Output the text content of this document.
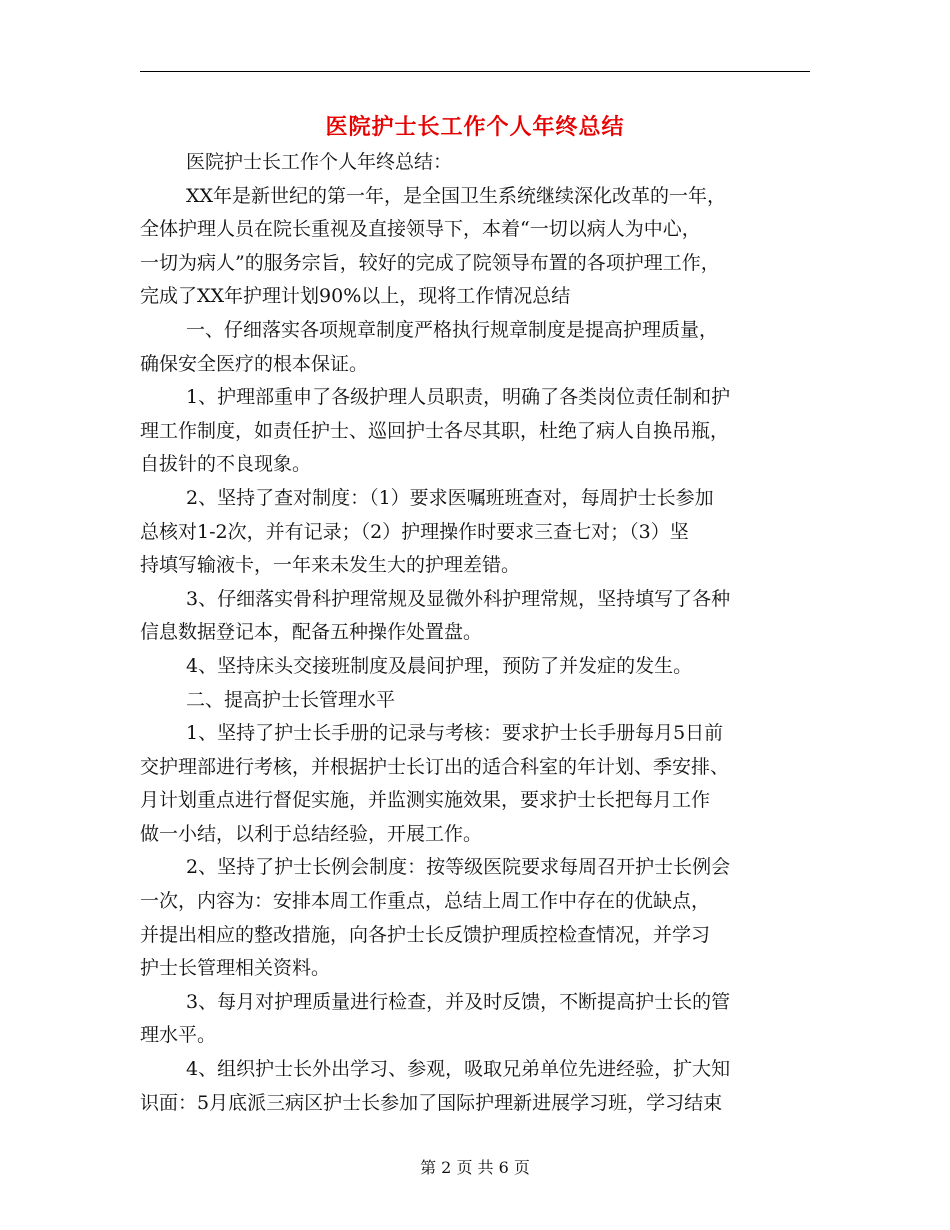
医院护士长工作个人年终总结
医院护士长工作个人年终总结：
XX年是新世纪的第一年，是全国卫生系统继续深化改革的一年，
全体护理人员在院长重视及直接领导下，本着“一切以病人为中心，
一切为病人”的服务宗旨，较好的完成了院领导布置的各项护理工作，
完成了XX年护理计划90%以上，现将工作情况总结
一、仔细落实各项规章制度严格执行规章制度是提高护理质量，
确保安全医疗的根本保证。
1、护理部重申了各级护理人员职责，明确了各类岗位责任制和护
理工作制度，如责任护士、巡回护士各尽其职，杜绝了病人自换吊瓶，
自拔针的不良现象。
2、坚持了查对制度：（1）要求医嘱班班查对，每周护士长参加
总核对1-2次，并有记录；（2）护理操作时要求三查七对；（3）坚
持填写输液卡，一年来未发生大的护理差错。
3、仔细落实骨科护理常规及显微外科护理常规，坚持填写了各种
信息数据登记本，配备五种操作处置盘。
4、坚持床头交接班制度及晨间护理，预防了并发症的发生。
二、提高护士长管理水平
1、坚持了护士长手册的记录与考核：要求护士长手册每月5日前
交护理部进行考核，并根据护士长订出的适合科室的年计划、季安排、
月计划重点进行督促实施，并监测实施效果，要求护士长把每月工作
做一小结，以利于总结经验，开展工作。
2、坚持了护士长例会制度：按等级医院要求每周召开护士长例会
一次，内容为：安排本周工作重点，总结上周工作中存在的优缺点，
并提出相应的整改措施，向各护士长反馈护理质控检查情况，并学习
护士长管理相关资料。
3、每月对护理质量进行检查，并及时反馈，不断提高护士长的管
理水平。
4、组织护士长外出学习、参观，吸取兄弟单位先进经验，扩大知
识面：5月底派三病区护士长参加了国际护理新进展学习班，学习结束
第 2 页 共 6 页
